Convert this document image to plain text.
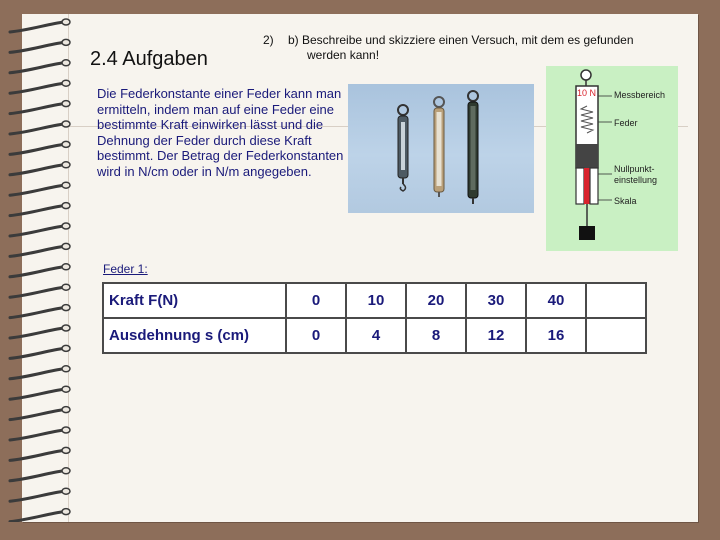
2.4 Aufgaben
2) b) Beschreibe und skizziere einen Versuch, mit dem es gefunden
werden kann!
Die Federkonstante einer Feder kann man ermitteln, indem man auf eine Feder eine bestimmte Kraft einwirken lässt und die Dehnung der Feder durch diese Kraft bestimmt. Der Betrag der Federkonstanten wird in N/cm oder in N/m angegeben.
10 N Messbereich
Feder
Nullpunkt-
einstellung
Skala
Feder 1:
Kraft F(N)	0	10	20	30	40	
Ausdehnung s (cm)	0	4	8	12	16	
